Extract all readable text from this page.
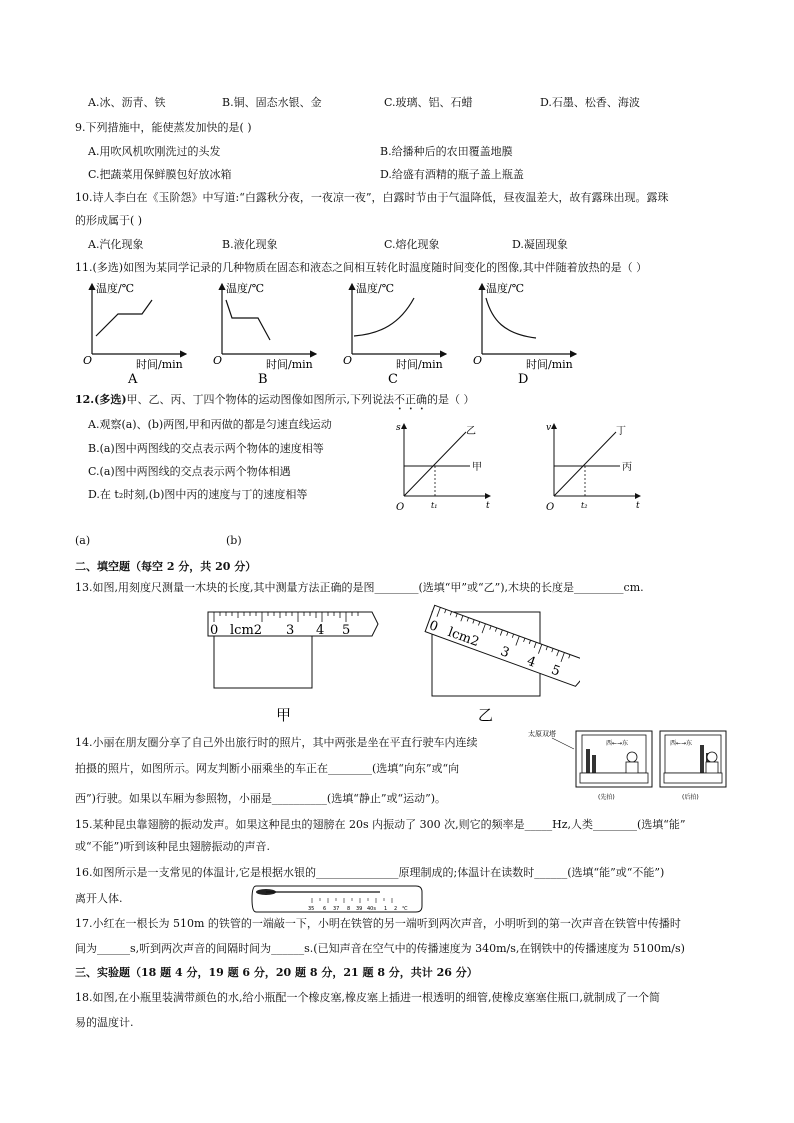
A.冰、沥青、铁	B.铜、固态水银、金	C.玻璃、铝、石蜡	D.石墨、松香、海波
9.下列措施中，能使蒸发加快的是( )
A.用吹风机吹刚洗过的头发	B.给播种后的农田覆盖地膜
C.把蔬菜用保鲜膜包好放冰箱	D.给盛有酒精的瓶子盖上瓶盖
10.诗人李白在《玉阶怨》中写道:“白露秋分夜，一夜凉一夜”，白露时节由于气温降低，昼夜温差大，故有露珠出现。露珠
的形成属于( )
A.汽化现象	B.液化现象	C.熔化现象	D.凝固现象
11.(多选)如图为某同学记录的几种物质在固态和液态之间相互转化时温度随时间变化的图像,其中伴随着放热的是（ ）
温度/℃
O	时间/min
A
温度/℃
O	时间/min
B
温度/℃
O	时间/min
C
温度/℃
O	时间/min
D
12.(多选)甲、乙、丙、丁四个物体的运动图像如图所示,下列说法不正确的是（ ）
A.观察(a)、(b)两图,甲和丙做的都是匀速直线运动
B.(a)图中两图线的交点表示两个物体的速度相等
C.(a)图中两图线的交点表示两个物体相遇
D.在 t₂时刻,(b)图中丙的速度与丁的速度相等
(a)	(b)
s
t
O	t₁
乙
甲
v
t
O	t₂
丁
丙
二、填空题（每空 2 分，共 20 分）
13.如图,用刻度尺测量一木块的长度,其中测量方法正确的是图________(选填“甲”或“乙”),木块的长度是_________cm.
0 lcm2 3 4 5
甲
0 lcm2
3
4
5
乙
14.小丽在朋友圈分享了自己外出旅行时的照片，其中两张是坐在平直行驶车内连续
拍摄的照片，如图所示。网友判断小丽乘坐的车正在________(选填“向东”或“向
西”)行驶。如果以车厢为参照物，小丽是__________(选填“静止”或“运动”)。
太原双塔
西←→东
(先拍)
西←→东
(后拍)
15.某种昆虫靠翅膀的振动发声。如果这种昆虫的翅膀在 20s 内振动了 300 次,则它的频率是_____Hz,人类________(选填“能”
或“不能”)听到该种昆虫翅膀振动的声音.
16.如图所示是一支常见的体温计,它是根据水银的_______________原理制成的;体温计在读数时______(选填“能”或“不能”)
离开人体.
35 6 37 8 39 40s 1 2 ℃
17.小红在一根长为 510m 的铁管的一端敲一下，小明在铁管的另一端听到两次声音，小明听到的第一次声音在铁管中传播时
间为______s,听到两次声音的间隔时间为______s.(已知声音在空气中的传播速度为 340m/s,在钢铁中的传播速度为 5100m/s)
三、实验题（18 题 4 分，19 题 6 分，20 题 8 分，21 题 8 分，共计 26 分）
18.如图,在小瓶里装满带颜色的水,给小瓶配一个橡皮塞,橡皮塞上插进一根透明的细管,使橡皮塞塞住瓶口,就制成了一个简
易的温度计.
